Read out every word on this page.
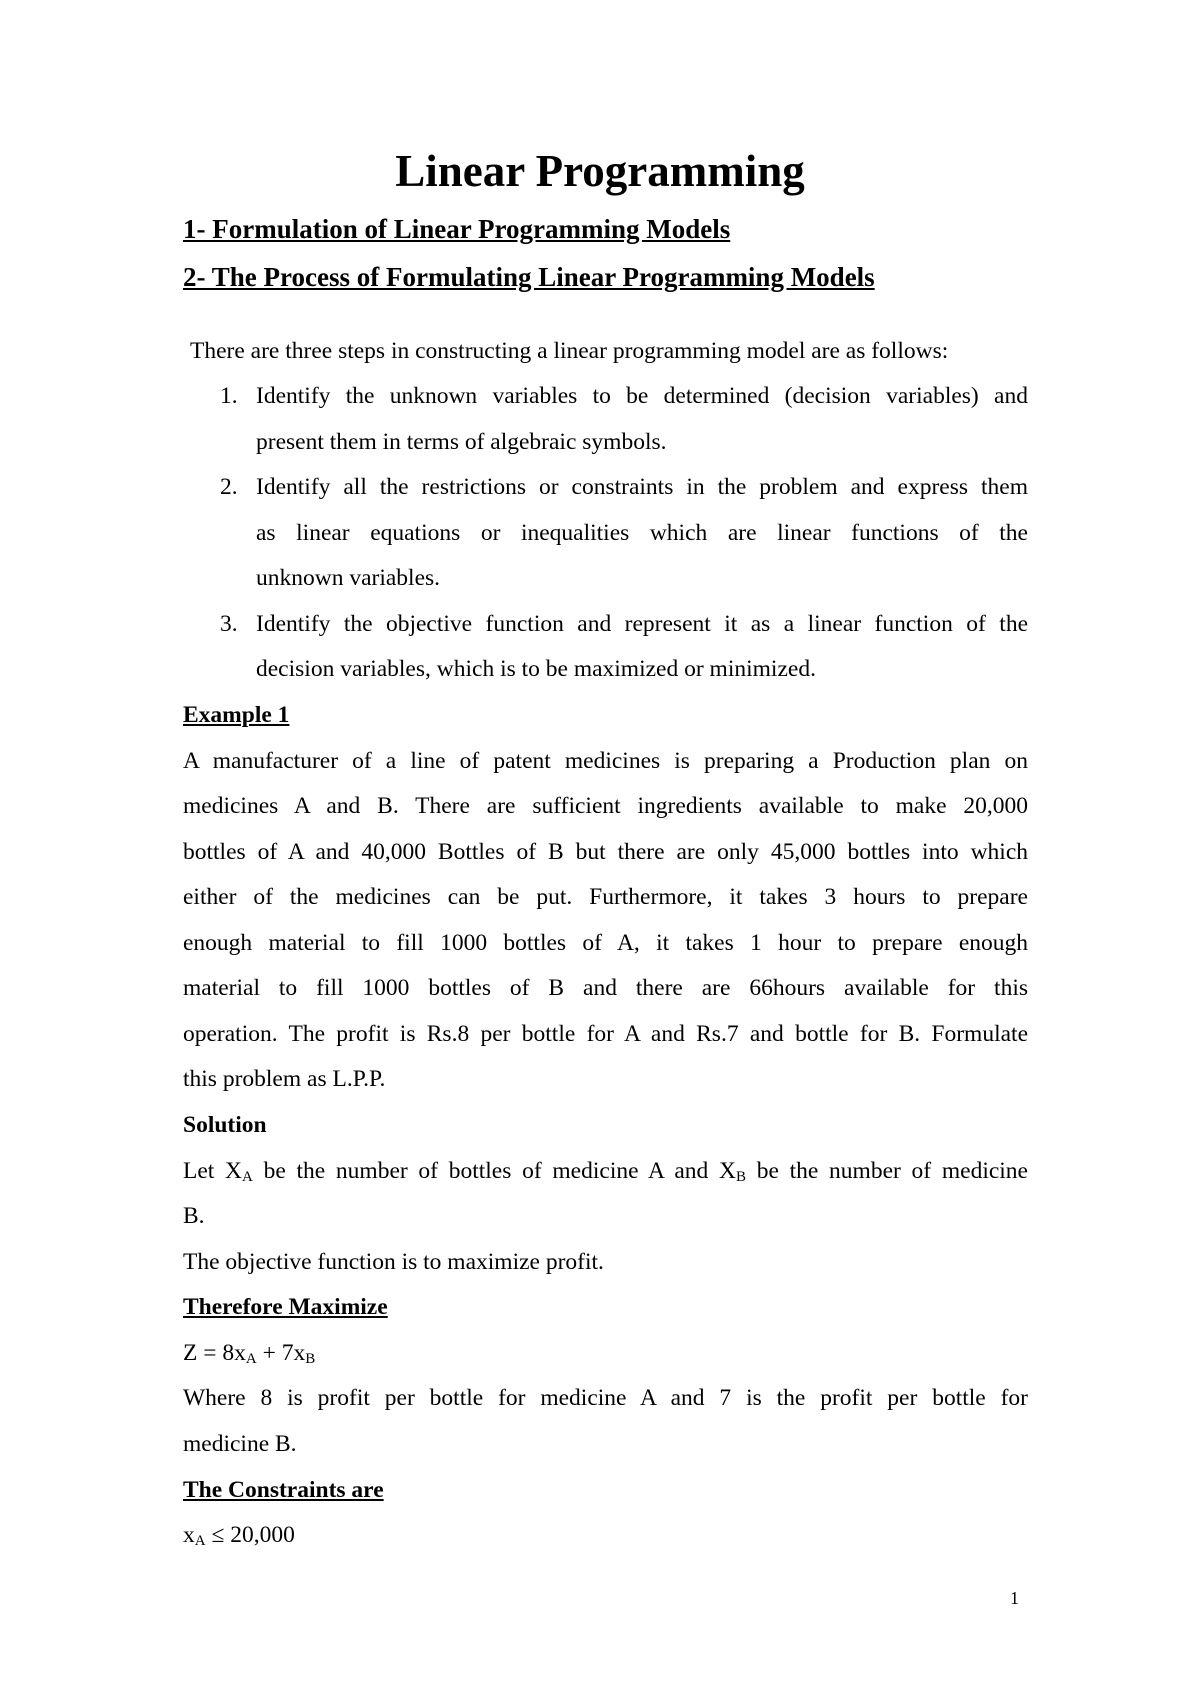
Linear Programming
1- Formulation of Linear Programming Models
2- The Process of Formulating Linear Programming Models
There are three steps in constructing a linear programming model are as follows:
1. Identify the unknown variables to be determined (decision variables) and
present them in terms of algebraic symbols.
2. Identify all the restrictions or constraints in the problem and express them
as linear equations or inequalities which are linear functions of the
unknown variables.
3. Identify the objective function and represent it as a linear function of the
decision variables, which is to be maximized or minimized.
Example 1
A manufacturer of a line of patent medicines is preparing a Production plan on
medicines A and B. There are sufficient ingredients available to make 20,000
bottles of A and 40,000 Bottles of B but there are only 45,000 bottles into which
either of the medicines can be put. Furthermore, it takes 3 hours to prepare
enough material to fill 1000 bottles of A, it takes 1 hour to prepare enough
material to fill 1000 bottles of B and there are 66hours available for this
operation. The profit is Rs.8 per bottle for A and Rs.7 and bottle for B. Formulate
this problem as L.P.P.
Solution
Let $X_A$ be the number of bottles of medicine A and $X_B$ be the number of medicine
B.
The objective function is to maximize profit.
Therefore Maximize
$Z = 8x_A + 7x_B$
Where 8 is profit per bottle for medicine A and 7 is the profit per bottle for
medicine B.
The Constraints are
$x_A \le 20,000$
1
